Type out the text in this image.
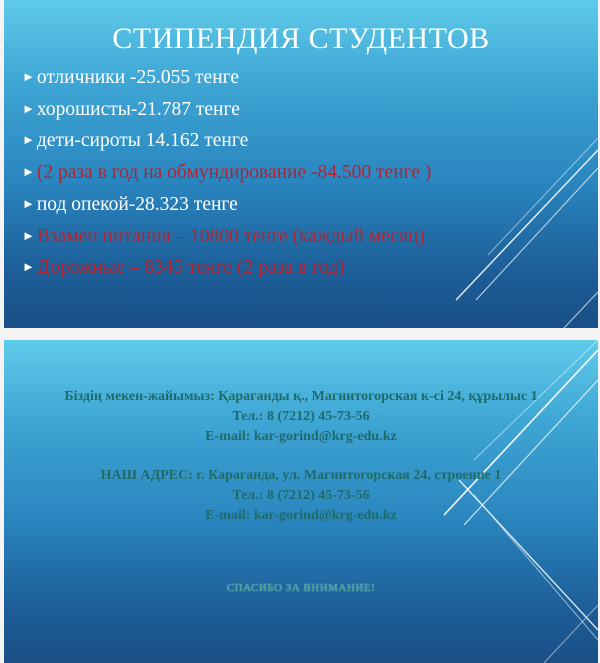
СТИПЕНДИЯ СТУДЕНТОВ
► отличники -25.055 тенге
► хорошисты-21.787 тенге
► дети-сироты 14.162 тенге
► (2 раза в год на обмундирование -84.500 тенге )
► под опекой-28.323 тенге
► Взамен питания – 10800 тенге (каждый месяц)
► Дорожные – 8345 тенге (2 раза в год)
Біздің мекен-жайымыз: Қарағанды қ., Магнитогорская к-сі 24, құрылыс 1
Тел.: 8 (7212) 45-73-56
E-mail: kar-gorind@krg-edu.kz
НАШ АДРЕС: г. Караганда, ул. Магнитогорская 24, строение 1
Тел.: 8 (7212) 45-73-56
E-mail: kar-gorind@krg-edu.kz
СПАСИБО ЗА ВНИМАНИЕ!
